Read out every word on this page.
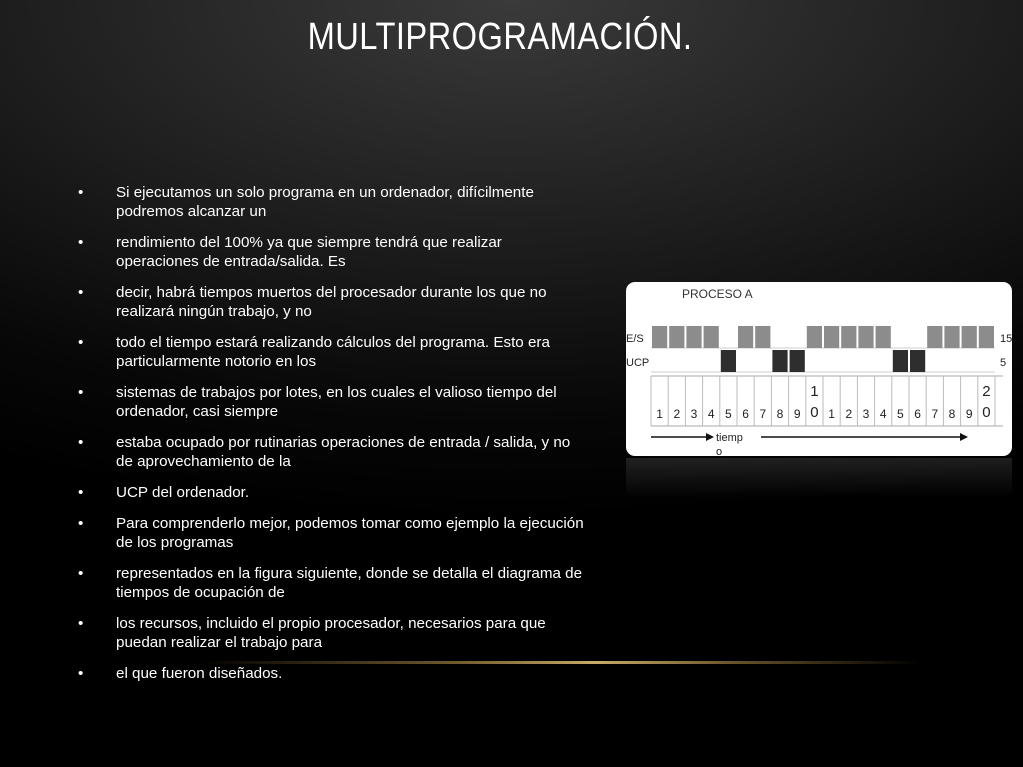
MULTIPROGRAMACIÓN.
• Si ejecutamos un solo programa en un ordenador, difícilmente podremos alcanzar un
• rendimiento del 100% ya que siempre tendrá que realizar operaciones de entrada/salida. Es
• decir, habrá tiempos muertos del procesador durante los que no realizará ningún trabajo, y no
• todo el tiempo estará realizando cálculos del programa. Esto era particularmente notorio en los
• sistemas de trabajos por lotes, en los cuales el valioso tiempo del ordenador, casi siempre
• estaba ocupado por rutinarias operaciones de entrada / salida, y no de aprovechamiento de la
• UCP del ordenador.
• Para comprenderlo mejor, podemos tomar como ejemplo la ejecución de los programas
• representados en la figura siguiente, donde se detalla el diagrama de tiempos de ocupación de
• los recursos, incluido el propio procesador, necesarios para que puedan realizar el trabajo para
• el que fueron diseñados.
PROCESO A
E/S	15
UCP	5
1 2 3 4 5 6 7 8 9
1 0 1 2 3 4 5 6 7 8 9
2 0
tiemp o
